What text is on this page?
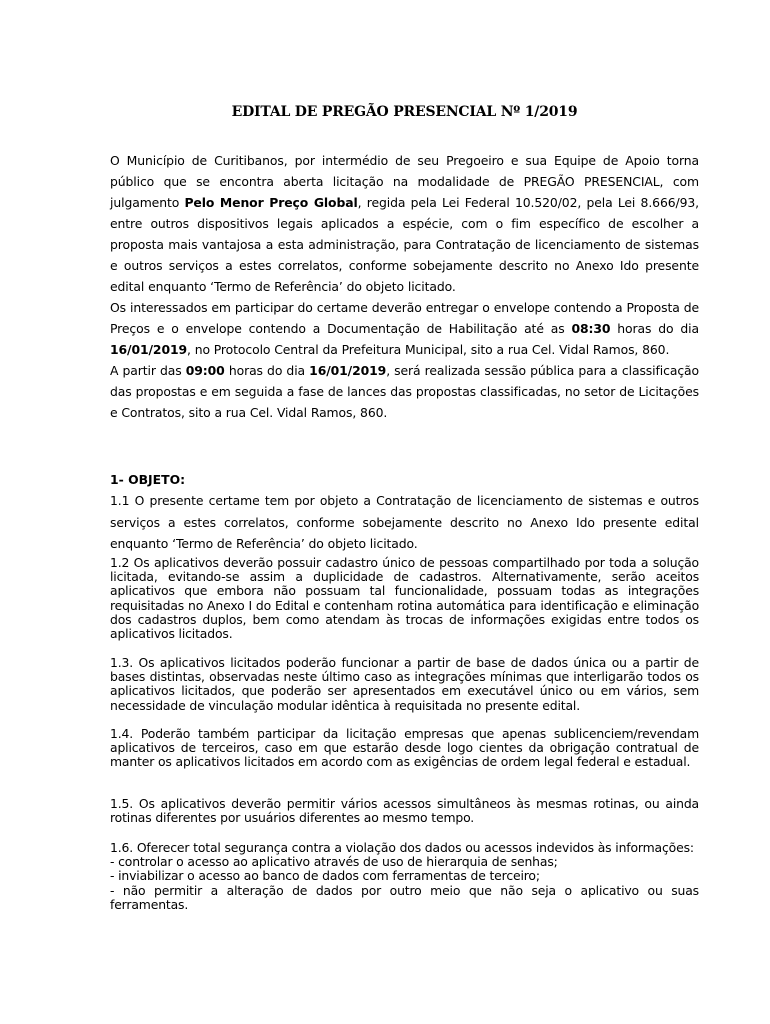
EDITAL DE PREGÃO PRESENCIAL Nº 1/2019

O Município de Curitibanos, por intermédio de seu Pregoeiro e sua Equipe de Apoio torna público que se encontra aberta licitação na modalidade de PREGÃO PRESENCIAL, com julgamento Pelo Menor Preço Global, regida pela Lei Federal 10.520/02, pela Lei 8.666/93, entre outros dispositivos legais aplicados a espécie, com o fim específico de escolher a proposta mais vantajosa a esta administração, para Contratação de licenciamento de sistemas e outros serviços a estes correlatos, conforme sobejamente descrito no Anexo Ido presente edital enquanto ‘Termo de Referência’ do objeto licitado.

Os interessados em participar do certame deverão entregar o envelope contendo a Proposta de Preços e o envelope contendo a Documentação de Habilitação até as 08:30 horas do dia 16/01/2019, no Protocolo Central da Prefeitura Municipal, sito a rua Cel. Vidal Ramos, 860.

A partir das 09:00 horas do dia 16/01/2019, será realizada sessão pública para a classificação das propostas e em seguida a fase de lances das propostas classificadas, no setor de Licitações e Contratos, sito a rua Cel. Vidal Ramos, 860.

1- OBJETO:

1.1 O presente certame tem por objeto a Contratação de licenciamento de sistemas e outros serviços a estes correlatos, conforme sobejamente descrito no Anexo Ido presente edital enquanto ‘Termo de Referência’ do objeto licitado.

1.2 Os aplicativos deverão possuir cadastro único de pessoas compartilhado por toda a solução licitada, evitando-se assim a duplicidade de cadastros. Alternativamente, serão aceitos aplicativos que embora não possuam tal funcionalidade, possuam todas as integrações requisitadas no Anexo I do Edital e contenham rotina automática para identificação e eliminação dos cadastros duplos, bem como atendam às trocas de informações exigidas entre todos os aplicativos licitados.

1.3. Os aplicativos licitados poderão funcionar a partir de base de dados única ou a partir de bases distintas, observadas neste último caso as integrações mínimas que interligarão todos os aplicativos licitados, que poderão ser apresentados em executável único ou em vários, sem necessidade de vinculação modular idêntica à requisitada no presente edital.

1.4. Poderão também participar da licitação empresas que apenas sublicenciem/revendam aplicativos de terceiros, caso em que estarão desde logo cientes da obrigação contratual de manter os aplicativos licitados em acordo com as exigências de ordem legal federal e estadual.

1.5. Os aplicativos deverão permitir vários acessos simultâneos às mesmas rotinas, ou ainda rotinas diferentes por usuários diferentes ao mesmo tempo.

1.6. Oferecer total segurança contra a violação dos dados ou acessos indevidos às informações:

- controlar o acesso ao aplicativo através de uso de hierarquia de senhas;

- inviabilizar o acesso ao banco de dados com ferramentas de terceiro;

- não permitir a alteração de dados por outro meio que não seja o aplicativo ou suas ferramentas.
